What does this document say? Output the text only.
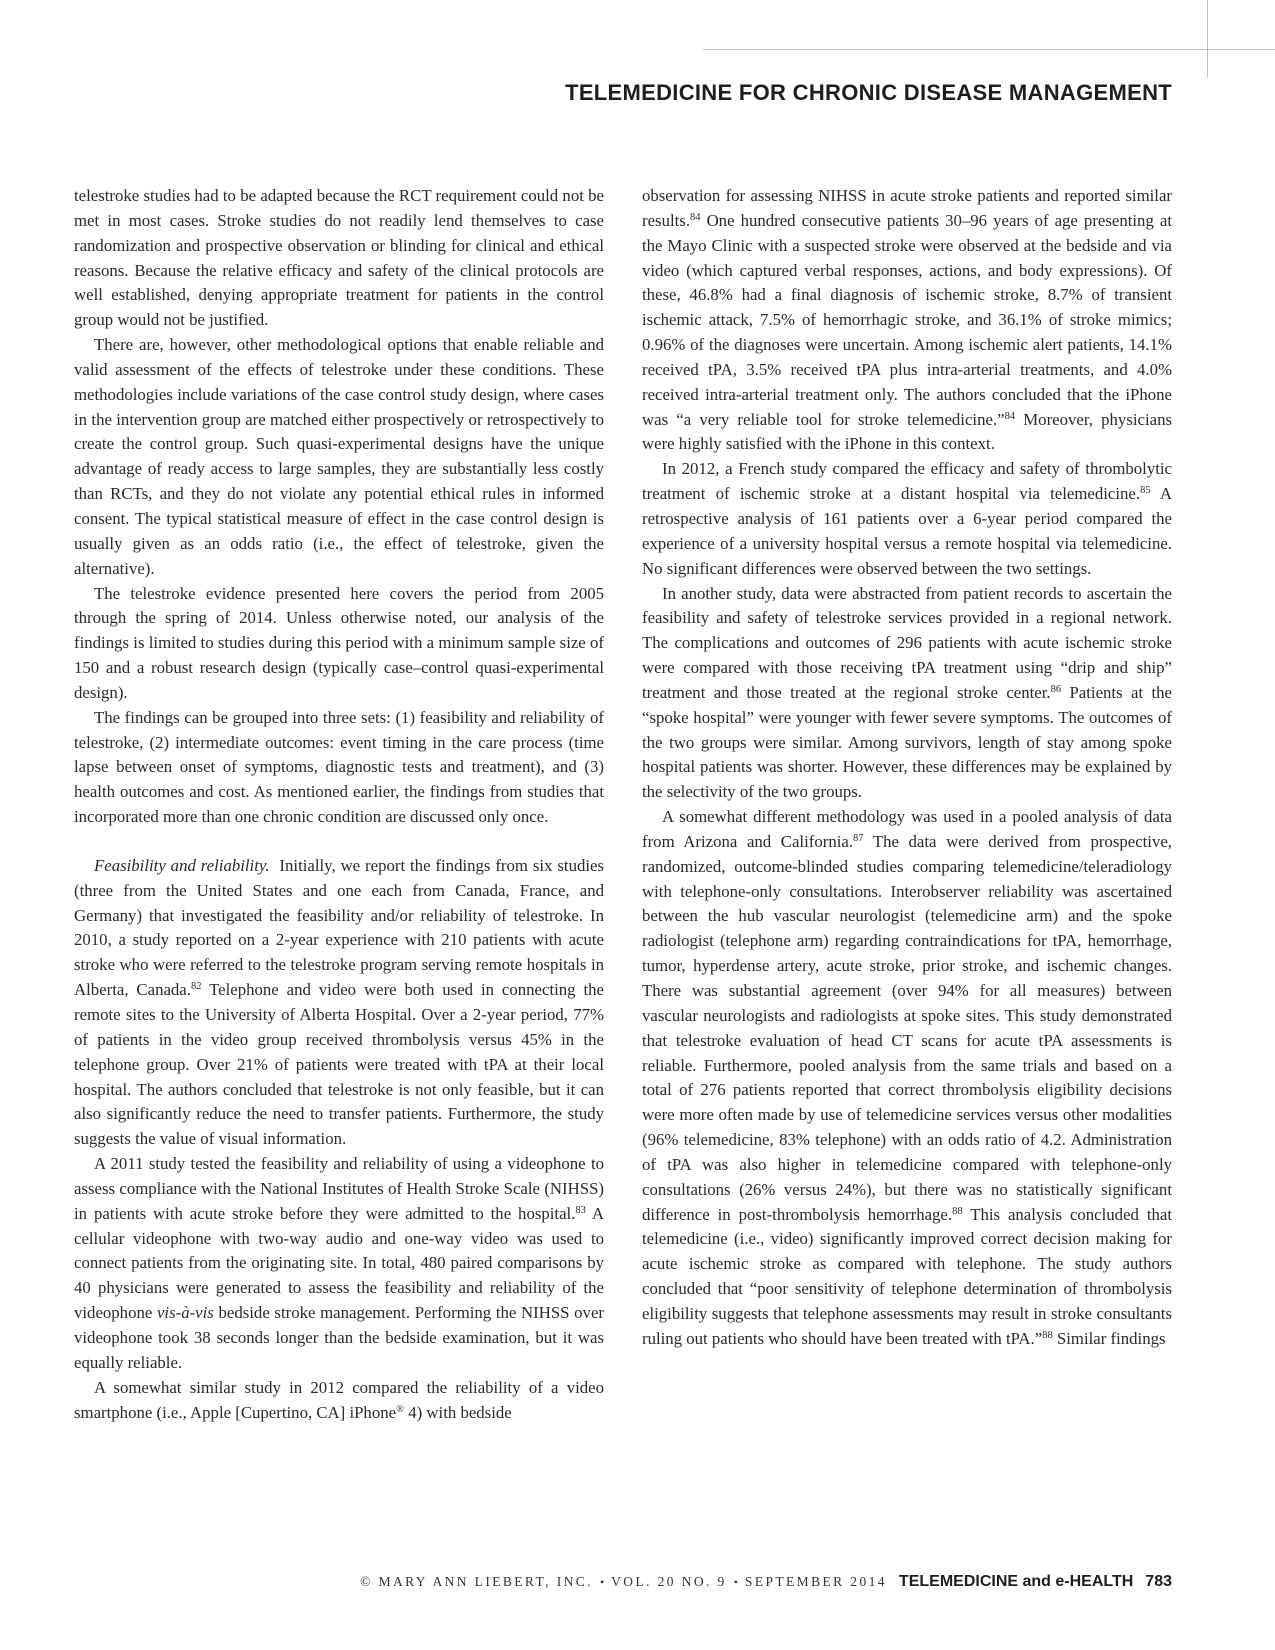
TELEMEDICINE FOR CHRONIC DISEASE MANAGEMENT

telestroke studies had to be adapted because the RCT requirement could not be met in most cases. Stroke studies do not readily lend themselves to case randomization and prospective observation or blinding for clinical and ethical reasons. Because the relative efficacy and safety of the clinical protocols are well established, denying appropriate treatment for patients in the control group would not be justified.

There are, however, other methodological options that enable reliable and valid assessment of the effects of telestroke under these conditions. These methodologies include variations of the case control study design, where cases in the intervention group are matched either prospectively or retrospectively to create the control group. Such quasi-experimental designs have the unique advantage of ready access to large samples, they are substantially less costly than RCTs, and they do not violate any potential ethical rules in informed consent. The typical statistical measure of effect in the case control design is usually given as an odds ratio (i.e., the effect of telestroke, given the alternative).

The telestroke evidence presented here covers the period from 2005 through the spring of 2014. Unless otherwise noted, our analysis of the findings is limited to studies during this period with a minimum sample size of 150 and a robust research design (typically case–control quasi-experimental design).

The findings can be grouped into three sets: (1) feasibility and reliability of telestroke, (2) intermediate outcomes: event timing in the care process (time lapse between onset of symptoms, diagnostic tests and treatment), and (3) health outcomes and cost. As mentioned earlier, the findings from studies that incorporated more than one chronic condition are discussed only once.

Feasibility and reliability. Initially, we report the findings from six studies (three from the United States and one each from Canada, France, and Germany) that investigated the feasibility and/or reliability of telestroke. In 2010, a study reported on a 2-year experience with 210 patients with acute stroke who were referred to the telestroke program serving remote hospitals in Alberta, Canada.$^{82}$ Telephone and video were both used in connecting the remote sites to the University of Alberta Hospital. Over a 2-year period, 77% of patients in the video group received thrombolysis versus 45% in the telephone group. Over 21% of patients were treated with tPA at their local hospital. The authors concluded that telestroke is not only feasible, but it can also significantly reduce the need to transfer patients. Furthermore, the study suggests the value of visual information.

A 2011 study tested the feasibility and reliability of using a videophone to assess compliance with the National Institutes of Health Stroke Scale (NIHSS) in patients with acute stroke before they were admitted to the hospital.$^{83}$ A cellular videophone with two-way audio and one-way video was used to connect patients from the originating site. In total, 480 paired comparisons by 40 physicians were generated to assess the feasibility and reliability of the videophone vis-à-vis bedside stroke management. Performing the NIHSS over videophone took 38 seconds longer than the bedside examination, but it was equally reliable.

A somewhat similar study in 2012 compared the reliability of a video smartphone (i.e., Apple [Cupertino, CA] iPhone® 4) with bedside

observation for assessing NIHSS in acute stroke patients and reported similar results.$^{84}$ One hundred consecutive patients 30–96 years of age presenting at the Mayo Clinic with a suspected stroke were observed at the bedside and via video (which captured verbal responses, actions, and body expressions). Of these, 46.8% had a final diagnosis of ischemic stroke, 8.7% of transient ischemic attack, 7.5% of hemorrhagic stroke, and 36.1% of stroke mimics; 0.96% of the diagnoses were uncertain. Among ischemic alert patients, 14.1% received tPA, 3.5% received tPA plus intra-arterial treatments, and 4.0% received intra-arterial treatment only. The authors concluded that the iPhone was “a very reliable tool for stroke telemedicine.”$^{84}$ Moreover, physicians were highly satisfied with the iPhone in this context.

In 2012, a French study compared the efficacy and safety of thrombolytic treatment of ischemic stroke at a distant hospital via telemedicine.$^{85}$ A retrospective analysis of 161 patients over a 6-year period compared the experience of a university hospital versus a remote hospital via telemedicine. No significant differences were observed between the two settings.

In another study, data were abstracted from patient records to ascertain the feasibility and safety of telestroke services provided in a regional network. The complications and outcomes of 296 patients with acute ischemic stroke were compared with those receiving tPA treatment using “drip and ship” treatment and those treated at the regional stroke center.$^{86}$ Patients at the “spoke hospital” were younger with fewer severe symptoms. The outcomes of the two groups were similar. Among survivors, length of stay among spoke hospital patients was shorter. However, these differences may be explained by the selectivity of the two groups.

A somewhat different methodology was used in a pooled analysis of data from Arizona and California.$^{87}$ The data were derived from prospective, randomized, outcome-blinded studies comparing telemedicine/teleradiology with telephone-only consultations. Interobserver reliability was ascertained between the hub vascular neurologist (telemedicine arm) and the spoke radiologist (telephone arm) regarding contraindications for tPA, hemorrhage, tumor, hyperdense artery, acute stroke, prior stroke, and ischemic changes. There was substantial agreement (over 94% for all measures) between vascular neurologists and radiologists at spoke sites. This study demonstrated that telestroke evaluation of head CT scans for acute tPA assessments is reliable. Furthermore, pooled analysis from the same trials and based on a total of 276 patients reported that correct thrombolysis eligibility decisions were more often made by use of telemedicine services versus other modalities (96% telemedicine, 83% telephone) with an odds ratio of 4.2. Administration of tPA was also higher in telemedicine compared with telephone-only consultations (26% versus 24%), but there was no statistically significant difference in post-thrombolysis hemorrhage.$^{88}$ This analysis concluded that telemedicine (i.e., video) significantly improved correct decision making for acute ischemic stroke as compared with telephone. The study authors concluded that “poor sensitivity of telephone determination of thrombolysis eligibility suggests that telephone assessments may result in stroke consultants ruling out patients who should have been treated with tPA.”$^{88}$ Similar findings

© MARY ANN LIEBERT, INC. • VOL. 20 NO. 9 • SEPTEMBER 2014 TELEMEDICINE and e-HEALTH 783
